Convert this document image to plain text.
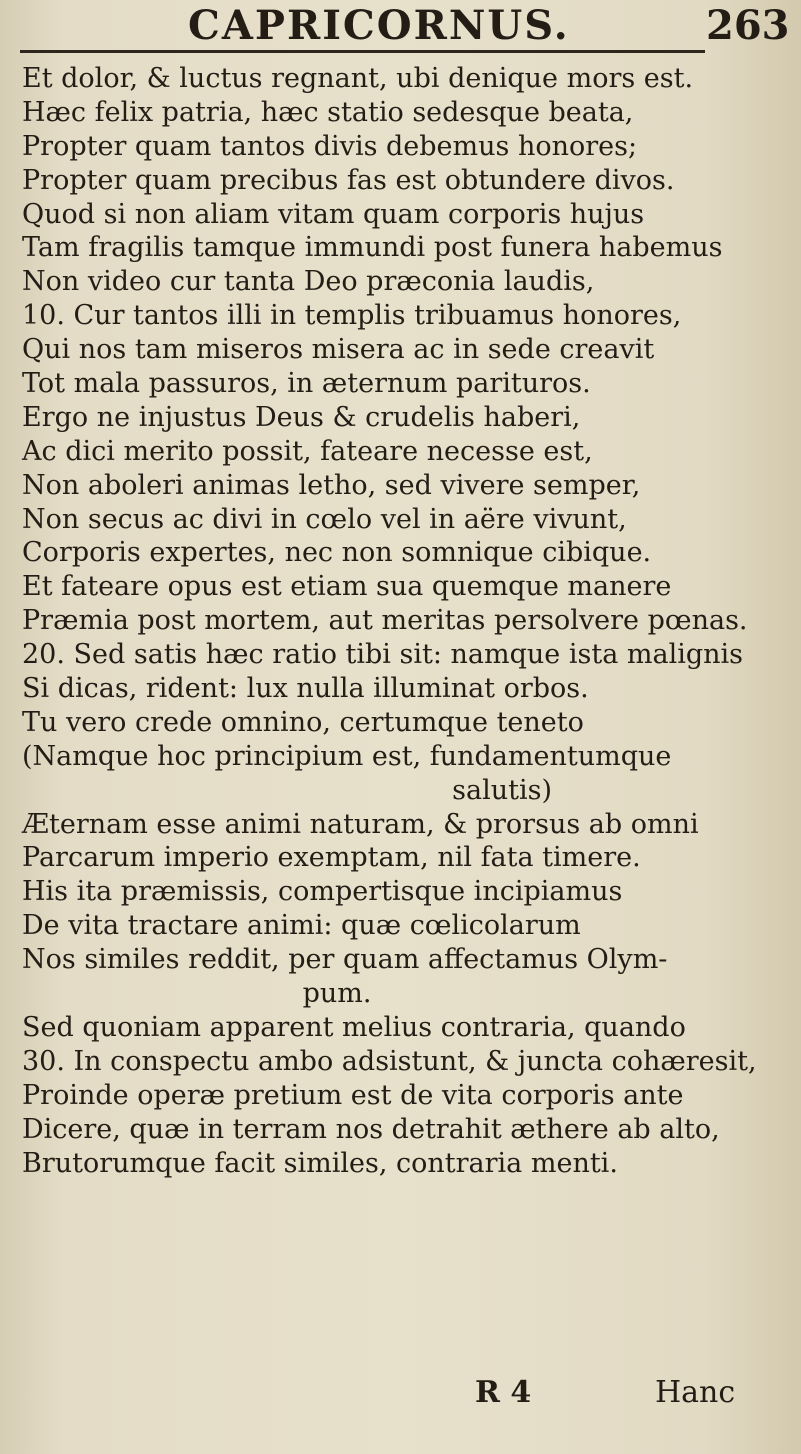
CAPRICORNUS.	263
Et dolor, & luctus regnant, ubi denique mors est.
Hæc felix patria, hæc statio sedesque beata,
Propter quam tantos divis debemus honores;
Propter quam precibus fas est obtundere divos.
Quod si non aliam vitam quam corporis hujus
Tam fragilis tamque immundi post funera habemus
Non video cur tanta Deo præconia laudis,
10. Cur tantos illi in templis tribuamus honores,
Qui nos tam miseros misera ac in sede creavit
Tot mala passuros, in æternum parituros.
Ergo ne injustus Deus & crudelis haberi,
Ac dici merito possit, fateare necesse est,
Non aboleri animas letho, sed vivere semper,
Non secus ac divi in cœlo vel in aëre vivunt,
Corporis expertes, nec non somnique cibique.
Et fateare opus est etiam sua quemque manere
Præmia post mortem, aut meritas persolvere pœnas.
20. Sed satis hæc ratio tibi sit: namque ista malignis
Si dicas, rident: lux nulla illuminat orbos.
Tu vero crede omnino, certumque teneto
(Namque hoc principium est, fundamentumque
salutis)
Æternam esse animi naturam, & prorsus ab omni
Parcarum imperio exemptam, nil fata timere.
His ita præmissis, compertisque incipiamus
De vita tractare animi: quæ cœlicolarum
Nos similes reddit, per quam affectamus Olym-
pum.
Sed quoniam apparent melius contraria, quando
30. In conspectu ambo adsistunt, & juncta cohæresit,
Proinde operæ pretium est de vita corporis ante
Dicere, quæ in terram nos detrahit æthere ab alto,
Brutorumque facit similes, contraria menti.
R 4	Hanc
